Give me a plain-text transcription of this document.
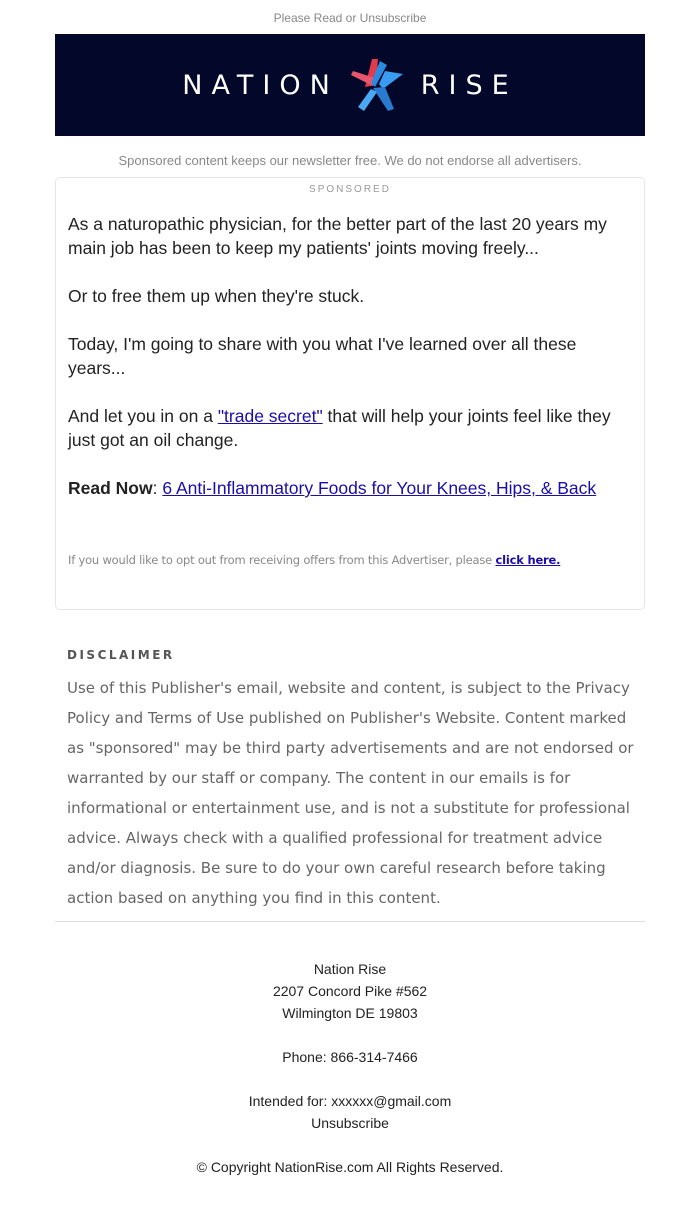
Please Read or Unsubscribe
NATION	RISE
Sponsored content keeps our newsletter free. We do not endorse all advertisers.
SPONSORED

As a naturopathic physician, for the better part of the last 20 years my main job has been to keep my patients' joints moving freely...

Or to free them up when they're stuck.

Today, I'm going to share with you what I've learned over all these years...

And let you in on a "trade secret" that will help your joints feel like they just got an oil change.

Read Now: 6 Anti-Inflammatory Foods for Your Knees, Hips, & Back

If you would like to opt out from receiving offers from this Advertiser, please click here.
DISCLAIMER
Use of this Publisher's email, website and content, is subject to the Privacy Policy and Terms of Use published on Publisher's Website. Content marked as "sponsored" may be third party advertisements and are not endorsed or warranted by our staff or company. The content in our emails is for informational or entertainment use, and is not a substitute for professional advice. Always check with a qualified professional for treatment advice and/or diagnosis. Be sure to do your own careful research before taking action based on anything you find in this content.
Nation Rise
2207 Concord Pike #562
Wilmington DE 19803
Phone: 866-314-7466
Intended for: xxxxxx@gmail.com
Unsubscribe
© Copyright NationRise.com All Rights Reserved.
